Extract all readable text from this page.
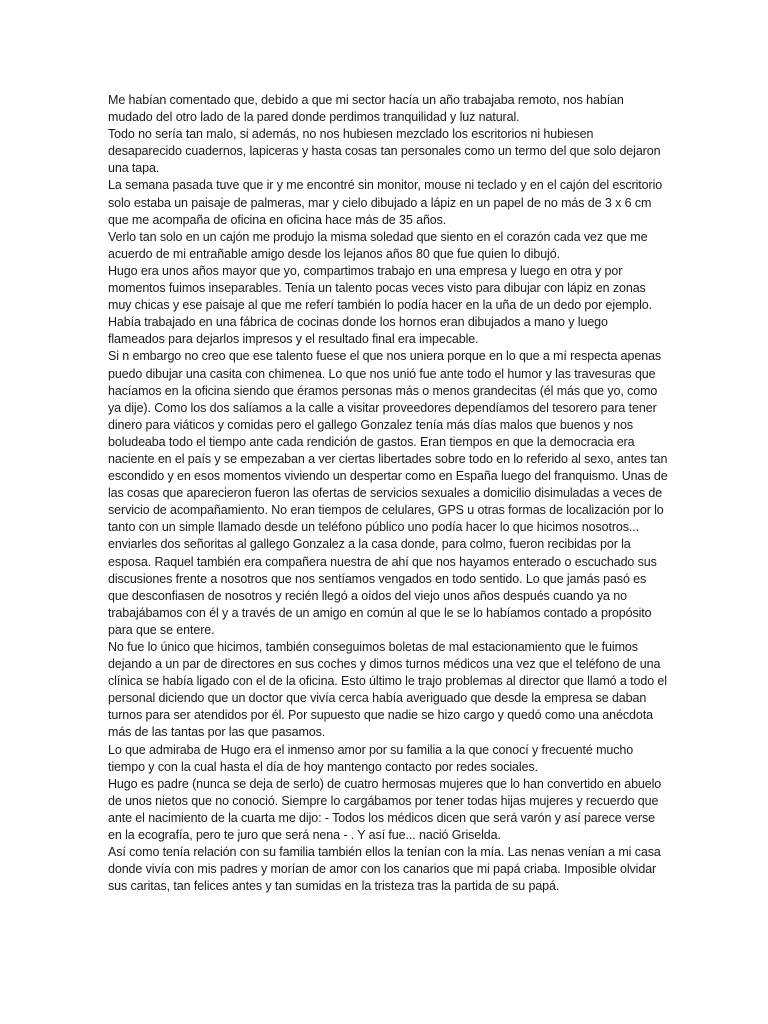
Me habían comentado que, debido a que mi sector hacía un año trabajaba remoto, nos habían mudado del otro lado de la pared donde perdimos tranquilidad y luz natural.

Todo no sería tan malo, si además, no nos hubiesen mezclado los escritorios ni hubiesen desaparecido cuadernos, lapiceras y hasta cosas tan personales como un termo del que solo dejaron una tapa.

La semana pasada tuve que ir y me encontré sin monitor, mouse ni teclado y en el cajón del escritorio solo estaba un paisaje de palmeras, mar y cielo dibujado a lápiz en un papel de no más de 3 x 6 cm que me acompaña de oficina en oficina hace más de 35 años.

Verlo tan solo en un cajón me produjo la misma soledad que siento en el corazón cada vez que me acuerdo de mi entrañable amigo desde los lejanos años 80 que fue quien lo dibujó.

Hugo era unos años mayor que yo, compartimos trabajo en una empresa y luego en otra y por momentos fuimos inseparables. Tenía un talento pocas veces visto para dibujar con lápiz en zonas muy chicas y ese paisaje al que me referí también lo podía hacer en la uña de un dedo por ejemplo. Había trabajado en una fábrica de cocinas donde los hornos eran dibujados a mano y luego flameados para dejarlos impresos y el resultado final era impecable.

Si n embargo no creo que ese talento fuese el que nos uniera porque en lo que a mí respecta apenas puedo dibujar una casita con chimenea. Lo que nos unió fue ante todo el humor y las travesuras que hacíamos en la oficina siendo que éramos personas más o menos grandecitas (él más que yo, como ya dije). Como los dos salíamos a la calle a visitar proveedores dependíamos del tesorero para tener dinero para viáticos y comidas pero el gallego Gonzalez tenía más días malos que buenos y nos boludeaba todo el tiempo ante cada rendición de gastos. Eran tiempos en que la democracia era naciente en el país y se empezaban a ver ciertas libertades sobre todo en lo referido al sexo, antes tan escondido y en esos momentos viviendo un despertar como en España luego del franquismo. Unas de las cosas que aparecieron fueron las ofertas de servicios sexuales a domicilio disimuladas a veces de servicio de acompañamiento. No eran tiempos de celulares, GPS u otras formas de localización por lo tanto con un simple llamado desde un teléfono público uno podía hacer lo que hicimos nosotros... enviarles dos señoritas al gallego Gonzalez a la casa donde, para colmo, fueron recibidas por la esposa. Raquel también era compañera nuestra de ahí que nos hayamos enterado o escuchado sus discusiones frente a nosotros que nos sentíamos vengados en todo sentido. Lo que jamás pasó es que desconfiasen de nosotros y recién llegó a oídos del viejo unos años después cuando ya no trabajábamos con él y a través de un amigo en común al que le se lo habíamos contado a propósito para que se entere.

No fue lo único que hicimos, también conseguimos boletas de mal estacionamiento que le fuimos dejando a un par de directores en sus coches y dimos turnos médicos una vez que el teléfono de una clínica se había ligado con el de la oficina. Esto último le trajo problemas al director que llamó a todo el personal diciendo que un doctor que vivía cerca había averiguado que desde la empresa se daban turnos para ser atendidos por él. Por supuesto que nadie se hizo cargo y quedó como una anécdota más de las tantas por las que pasamos.

Lo que admiraba de Hugo era el inmenso amor por su familia a la que conocí y frecuenté mucho tiempo y con la cual hasta el día de hoy mantengo contacto por redes sociales.

Hugo es padre (nunca se deja de serlo) de cuatro hermosas mujeres que lo han convertido en abuelo de unos nietos que no conoció. Siempre lo cargábamos por tener todas hijas mujeres y recuerdo que ante el nacimiento de la cuarta me dijo: - Todos los médicos dicen que será varón y así parece verse en la ecografía, pero te juro que será nena - . Y así fue... nació Griselda.

Así como tenía relación con su familia también ellos la tenían con la mía. Las nenas venían a mi casa donde vivía con mis padres y morían de amor con los canarios que mi papá criaba. Imposible olvidar sus caritas, tan felices antes y tan sumidas en la tristeza tras la partida de su papá.
